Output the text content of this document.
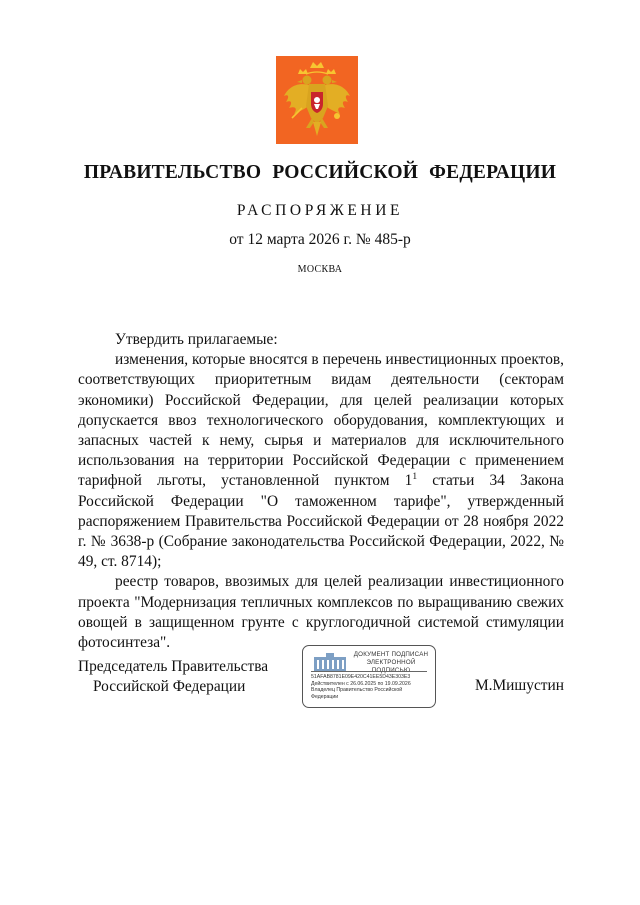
ПРАВИТЕЛЬСТВО РОССИЙСКОЙ ФЕДЕРАЦИИ
РАСПОРЯЖЕНИЕ
от 12 марта 2026 г. № 485-р
МОСКВА

Утвердить прилагаемые:

изменения, которые вносятся в перечень инвестиционных проектов, соответствующих приоритетным видам деятельности (секторам экономики) Российской Федерации, для целей реализации которых допускается ввоз технологического оборудования, комплектующих и запасных частей к нему, сырья и материалов для исключительного использования на территории Российской Федерации с применением тарифной льготы, установленной пунктом $1^1$ статьи 34 Закона Российской Федерации "О таможенном тарифе", утвержденный распоряжением Правительства Российской Федерации от 28 ноября 2022 г. № 3638-р (Собрание законодательства Российской Федерации, 2022, № 49, ст. 8714);

реестр товаров, ввозимых для целей реализации инвестиционного проекта "Модернизация тепличных комплексов по выращиванию свежих овощей в защищенном грунте с круглогодичной системой стимуляции фотосинтеза".

Председатель Правительства
Российской Федерации
ДОКУМЕНТ ПОДПИСАН
ЭЛЕКТРОННОЙ ПОДПИСЬЮ
51AFAB8781E09E420C41EE5D43E303E3
Действителен с 26.06.2025 по 19.09.2026
Владелец Правительство Российской
Федерации
М.Мишустин
